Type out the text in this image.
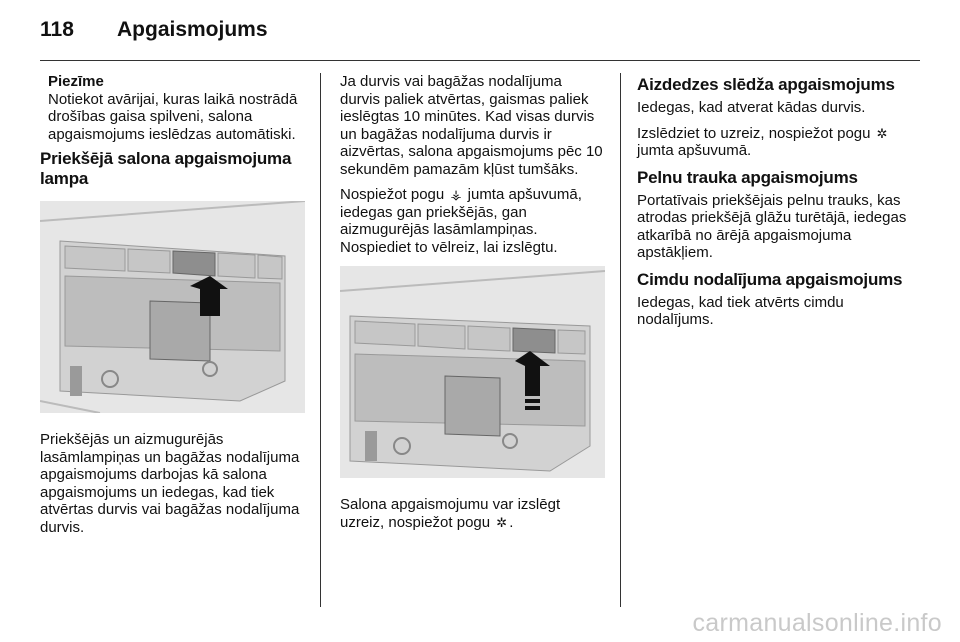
118 Apgaismojums
Piezīme
Notiekot avārijai, kuras laikā nostrādā drošības gaisa spilveni, salona apgaismojums ieslēdzas automātiski.
Priekšējā salona apgaismojuma lampa

Priekšējās un aizmugurējās lasāmlampiņas un bagāžas nodalījuma apgaismojums darbojas kā salona apgaismojums un iedegas, kad tiek atvērtas durvis vai bagāžas nodalījuma durvis.

Ja durvis vai bagāžas nodalījuma durvis paliek atvērtas, gaismas paliek ieslēgtas 10 minūtes. Kad visas durvis un bagāžas nodalījuma durvis ir aizvērtas, salona apgaismojums pēc 10 sekundēm pamazām kļūst tumšāks.

Nospiežot pogu ⚶ jumta apšuvumā, iedegas gan priekšējās, gan aizmugurējās lasāmlampiņas. Nospiediet to vēlreiz, lai izslēgtu.

Salona apgaismojumu var izslēgt uzreiz, nospiežot pogu ✲ .

Aizdedzes slēdža apgaismojums

Iedegas, kad atverat kādas durvis.

Izslēdziet to uzreiz, nospiežot pogu ✲ jumta apšuvumā.

Pelnu trauka apgaismojums

Portatīvais priekšējais pelnu trauks, kas atrodas priekšējā glāžu turētājā, iedegas atkarībā no ārējā apgaismojuma apstākļiem.

Cimdu nodalījuma apgaismojums

Iedegas, kad tiek atvērts cimdu nodalījums.

carmanualsonline.info
